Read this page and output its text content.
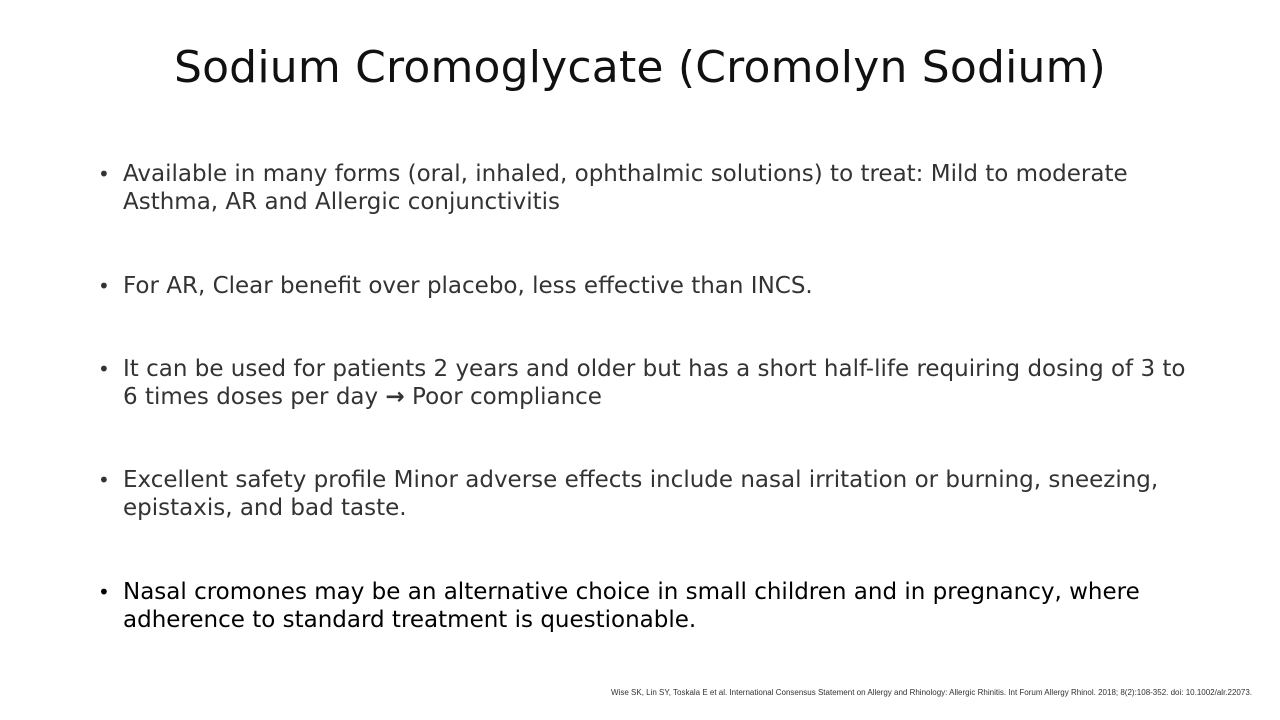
Sodium Cromoglycate (Cromolyn Sodium)
• Available in many forms (oral, inhaled, ophthalmic solutions) to treat: Mild to moderate Asthma, AR and Allergic conjunctivitis
• For AR, Clear benefit over placebo, less effective than INCS.
• It can be used for patients 2 years and older but has a short half-life requiring dosing of 3 to 6 times doses per day → Poor compliance
• Excellent safety profile Minor adverse effects include nasal irritation or burning, sneezing, epistaxis, and bad taste.
• Nasal cromones may be an alternative choice in small children and in pregnancy, where adherence to standard treatment is questionable.
Wise SK, Lin SY, Toskala E et al. International Consensus Statement on Allergy and Rhinology: Allergic Rhinitis. Int Forum Allergy Rhinol. 2018; 8(2):108-352. doi: 10.1002/alr.22073.
